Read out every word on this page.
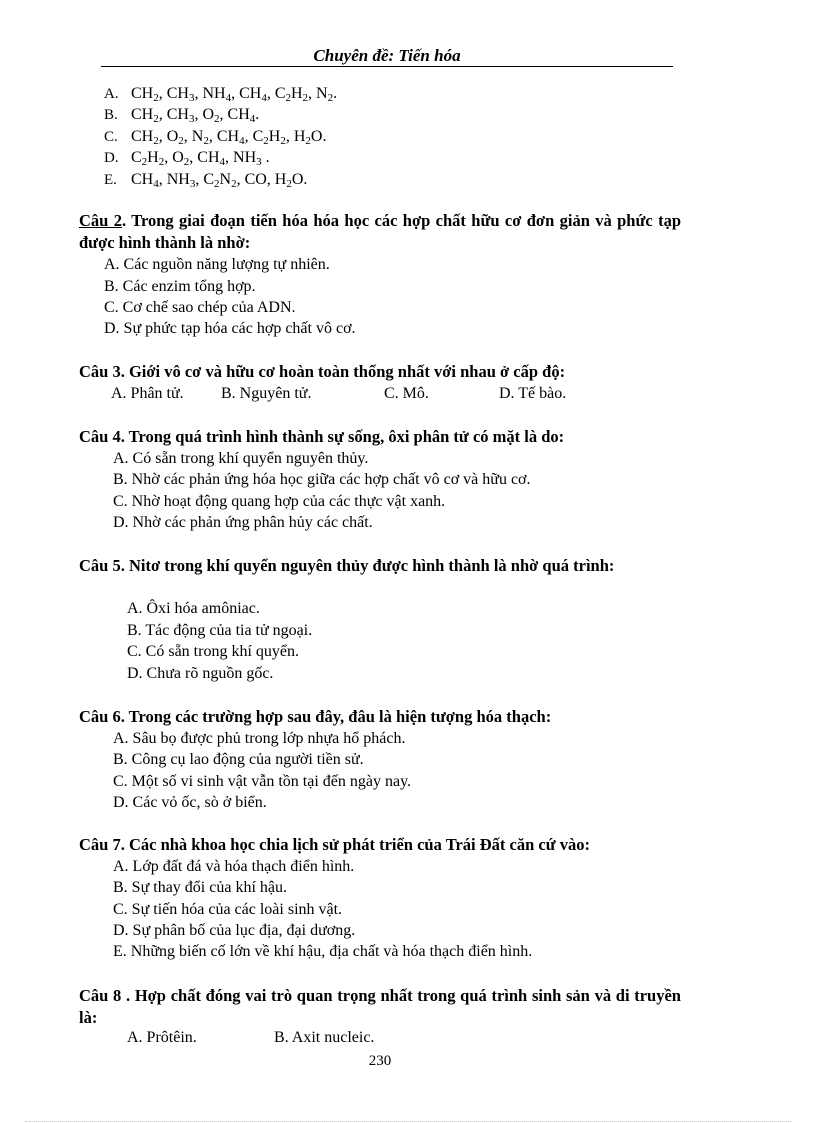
Chuyên đề: Tiến hóa
A. $CH_2$, $CH_3$, $NH_4$, $CH_4$, $C_2H_2$, $N_2$.
B. $CH_2$, $CH_3$, $O_2$, $CH_4$.
C. $CH_2$, $O_2$, $N_2$, $CH_4$, $C_2H_2$, $H_2O$.
D. $C_2H_2$, $O_2$, $CH_4$, $NH_3$ .
E. $CH_4$, $NH_3$, $C_2N_2$, CO, $H_2O$.
Câu 2. Trong giai đoạn tiến hóa hóa học các hợp chất hữu cơ đơn giản và phức tạp được hình thành là nhờ:
A. Các nguồn năng lượng tự nhiên.
B. Các enzim tổng hợp.
C. Cơ chế sao chép của ADN.
D. Sự phức tạp hóa các hợp chất vô cơ.
Câu 3. Giới vô cơ và hữu cơ hoàn toàn thống nhất với nhau ở cấp độ:
A. Phân tử. B. Nguyên tử.	C. Mô.	D. Tế bào.
Câu 4. Trong quá trình hình thành sự sống, ôxi phân tử có mặt là do:
A. Có sẵn trong khí quyển nguyên thủy.
B. Nhờ các phản ứng hóa học giữa các hợp chất vô cơ và hữu cơ.
C. Nhờ hoạt động quang hợp của các thực vật xanh.
D. Nhờ các phản ứng phân hủy các chất.
Câu 5. Nitơ trong khí quyển nguyên thủy được hình thành là nhờ quá trình:
A. Ôxi hóa amôniac.
B. Tác động của tia tử ngoại.
C. Có sẵn trong khí quyển.
D. Chưa rõ nguồn gốc.
Câu 6. Trong các trường hợp sau đây, đâu là hiện tượng hóa thạch:
A. Sâu bọ được phủ trong lớp nhựa hổ phách.
B. Công cụ lao động của người tiền sử.
C. Một số vi sinh vật vẫn tồn tại đến ngày nay.
D. Các vỏ ốc, sò ở biển.
Câu 7. Các nhà khoa học chia lịch sử phát triển của Trái Đất căn cứ vào:
A. Lớp đất đá và hóa thạch điển hình.
B. Sự thay đổi của khí hậu.
C. Sự tiến hóa của các loài sinh vật.
D. Sự phân bố của lục địa, đại dương.
E. Những biến cố lớn về khí hậu, địa chất và hóa thạch điển hình.
Câu 8 . Hợp chất đóng vai trò quan trọng nhất trong quá trình sinh sản và di truyền là:
A. Prôtêin.	B. Axit nucleic.
230
